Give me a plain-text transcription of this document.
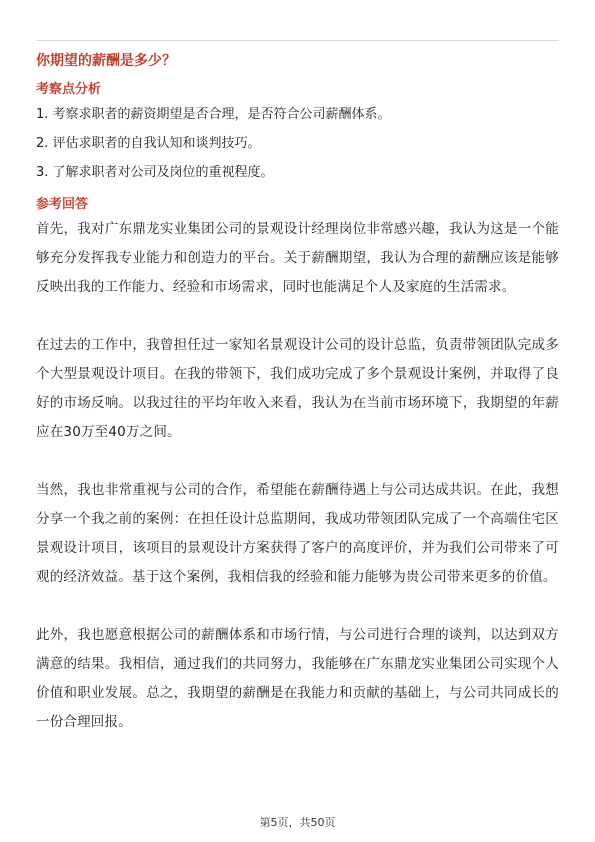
你期望的薪酬是多少？
考察点分析
1. 考察求职者的薪资期望是否合理，是否符合公司薪酬体系。
2. 评估求职者的自我认知和谈判技巧。
3. 了解求职者对公司及岗位的重视程度。
参考回答

首先，我对广东鼎龙实业集团公司的景观设计经理岗位非常感兴趣，我认为这是一个能够充分发挥我专业能力和创造力的平台。关于薪酬期望，我认为合理的薪酬应该是能够反映出我的工作能力、经验和市场需求，同时也能满足个人及家庭的生活需求。

在过去的工作中，我曾担任过一家知名景观设计公司的设计总监，负责带领团队完成多个大型景观设计项目。在我的带领下，我们成功完成了多个景观设计案例，并取得了良好的市场反响。以我过往的平均年收入来看，我认为在当前市场环境下，我期望的年薪应在30万至40万之间。

当然，我也非常重视与公司的合作，希望能在薪酬待遇上与公司达成共识。在此，我想分享一个我之前的案例：在担任设计总监期间，我成功带领团队完成了一个高端住宅区景观设计项目，该项目的景观设计方案获得了客户的高度评价，并为我们公司带来了可观的经济效益。基于这个案例，我相信我的经验和能力能够为贵公司带来更多的价值。

此外，我也愿意根据公司的薪酬体系和市场行情，与公司进行合理的谈判，以达到双方满意的结果。我相信，通过我们的共同努力，我能够在广东鼎龙实业集团公司实现个人价值和职业发展。总之，我期望的薪酬是在我能力和贡献的基础上，与公司共同成长的一份合理回报。

第5页，共50页
